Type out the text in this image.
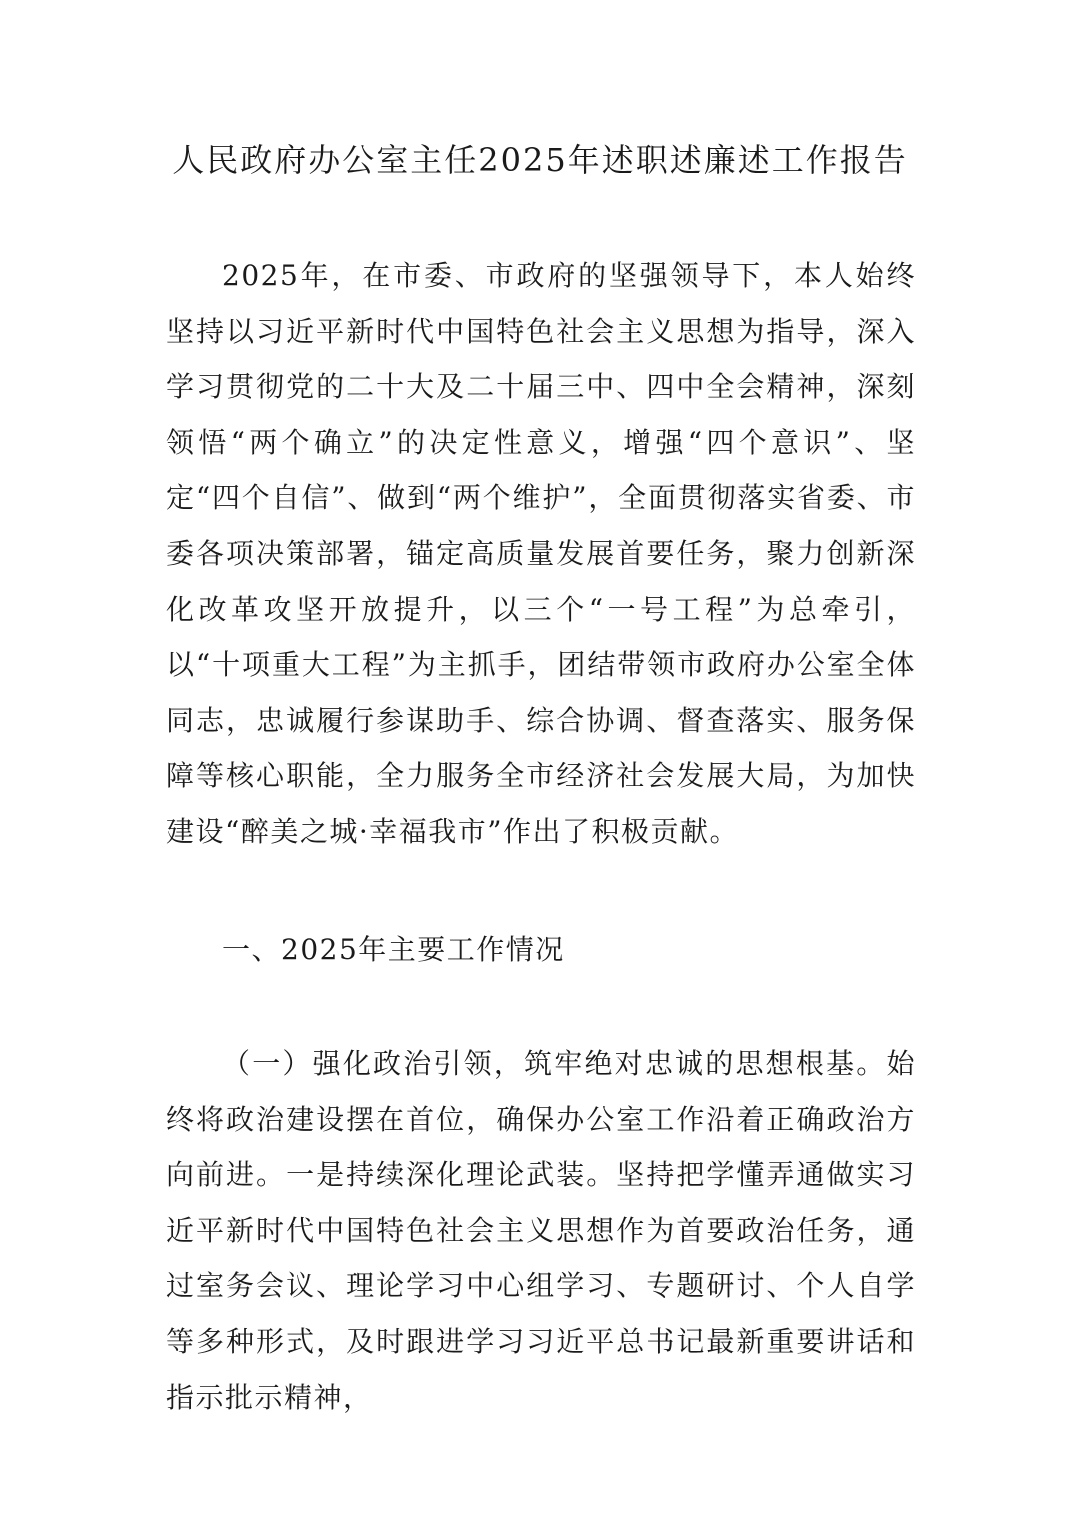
人民政府办公室主任2025年述职述廉述工作报告
2025年，在市委、市政府的坚强领导下，本人始终坚持以习近平新时代中国特色社会主义思想为指导，深入学习贯彻党的二十大及二十届三中、四中全会精神，深刻领悟“两个确立”的决定性意义，增强“四个意识”、坚定“四个自信”、做到“两个维护”，全面贯彻落实省委、市委各项决策部署，锚定高质量发展首要任务，聚力创新深化改革攻坚开放提升，以三个“一号工程”为总牵引，以“十项重大工程”为主抓手，团结带领市政府办公室全体同志，忠诚履行参谋助手、综合协调、督查落实、服务保障等核心职能，全力服务全市经济社会发展大局，为加快建设“醉美之城·幸福我市”作出了积极贡献。
一、2025年主要工作情况
（一）强化政治引领，筑牢绝对忠诚的思想根基。始终将政治建设摆在首位，确保办公室工作沿着正确政治方向前进。一是持续深化理论武装。坚持把学懂弄通做实习近平新时代中国特色社会主义思想作为首要政治任务，通过室务会议、理论学习中心组学习、专题研讨、个人自学等多种形式，及时跟进学习习近平总书记最新重要讲话和指示批示精神，
